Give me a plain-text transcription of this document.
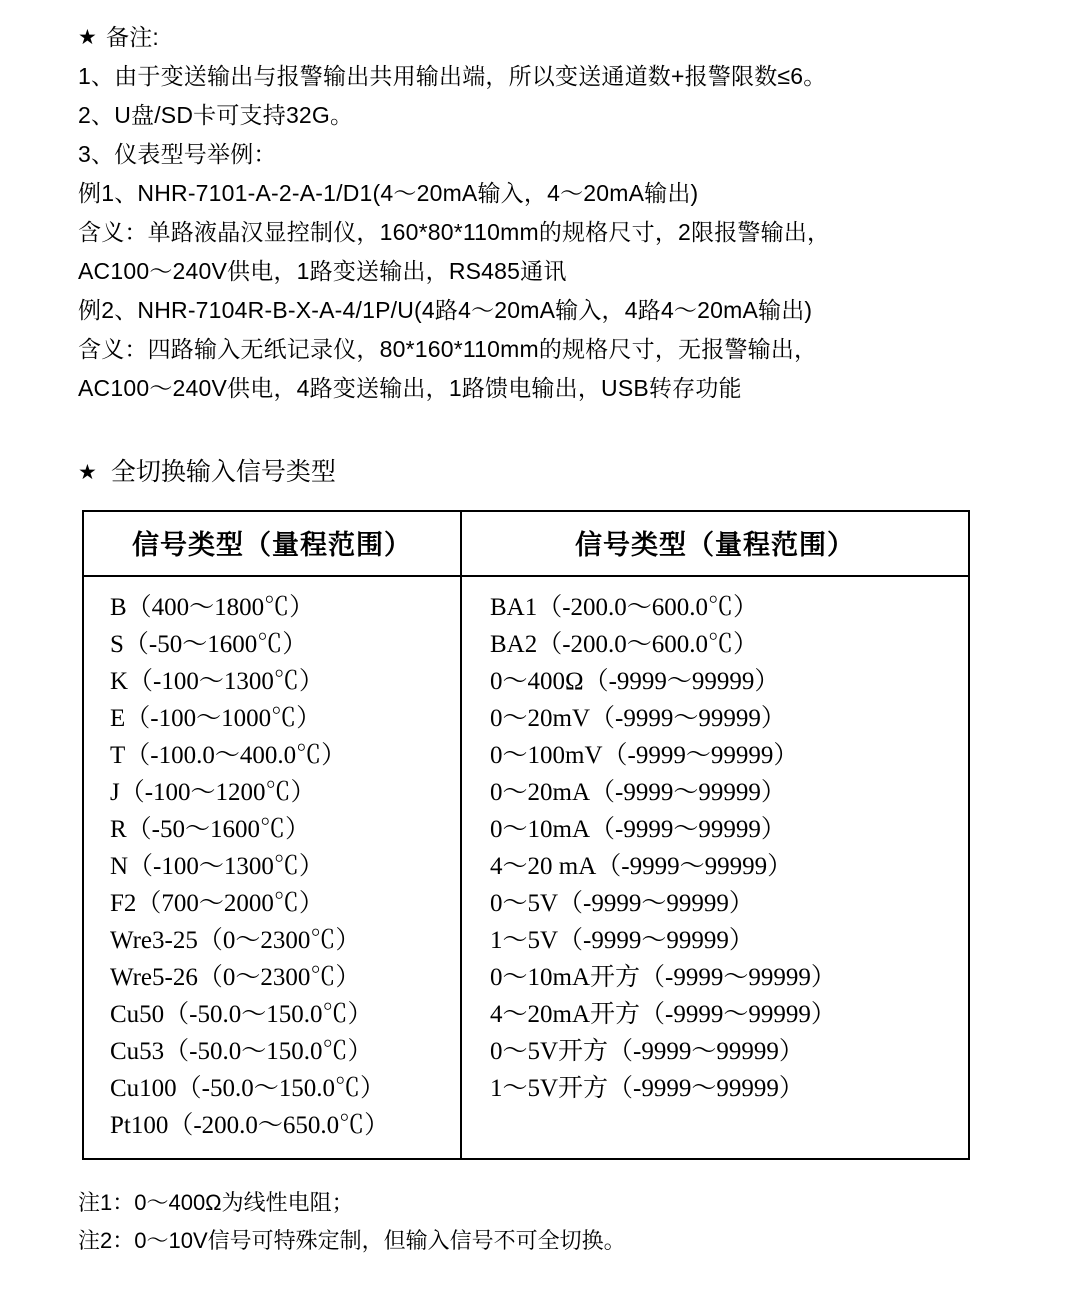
★ 备注:
1、由于变送输出与报警输出共用输出端，所以变送通道数+报警限数≤6。
2、U盘/SD卡可支持32G。
3、仪表型号举例：
例1、NHR-7101-A-2-A-1/D1(4～20mA输入，4～20mA输出)
含义：单路液晶汉显控制仪，160*80*110mm的规格尺寸，2限报警输出，
AC100～240V供电，1路变送输出，RS485通讯
例2、NHR-7104R-B-X-A-4/1P/U(4路4～20mA输入，4路4～20mA输出)
含义：四路输入无纸记录仪，80*160*110mm的规格尺寸，无报警输出，
AC100～240V供电，4路变送输出，1路馈电输出，USB转存功能
★ 全切换输入信号类型
信号类型（量程范围）	信号类型（量程范围）
B（400～1800℃）
S（-50～1600℃）
K（-100～1300℃）
E（-100～1000℃）
T（-100.0～400.0℃）
J（-100～1200℃）
R（-50～1600℃）
N（-100～1300℃）
F2（700～2000℃）
Wre3-25（0～2300℃）
Wre5-26（0～2300℃）
Cu50（-50.0～150.0℃）
Cu53（-50.0～150.0℃）
Cu100（-50.0～150.0℃）
Pt100（-200.0～650.0℃）
BA1（-200.0～600.0℃）
BA2（-200.0～600.0℃）
0～400Ω（-9999～99999）
0～20mV（-9999～99999）
0～100mV（-9999～99999）
0～20mA（-9999～99999）
0～10mA（-9999～99999）
4～20 mA（-9999～99999）
0～5V（-9999～99999）
1～5V（-9999～99999）
0～10mA开方（-9999～99999）
4～20mA开方（-9999～99999）
0～5V开方（-9999～99999）
1～5V开方（-9999～99999）
注1：0～400Ω为线性电阻；
注2：0～10V信号可特殊定制，但输入信号不可全切换。
